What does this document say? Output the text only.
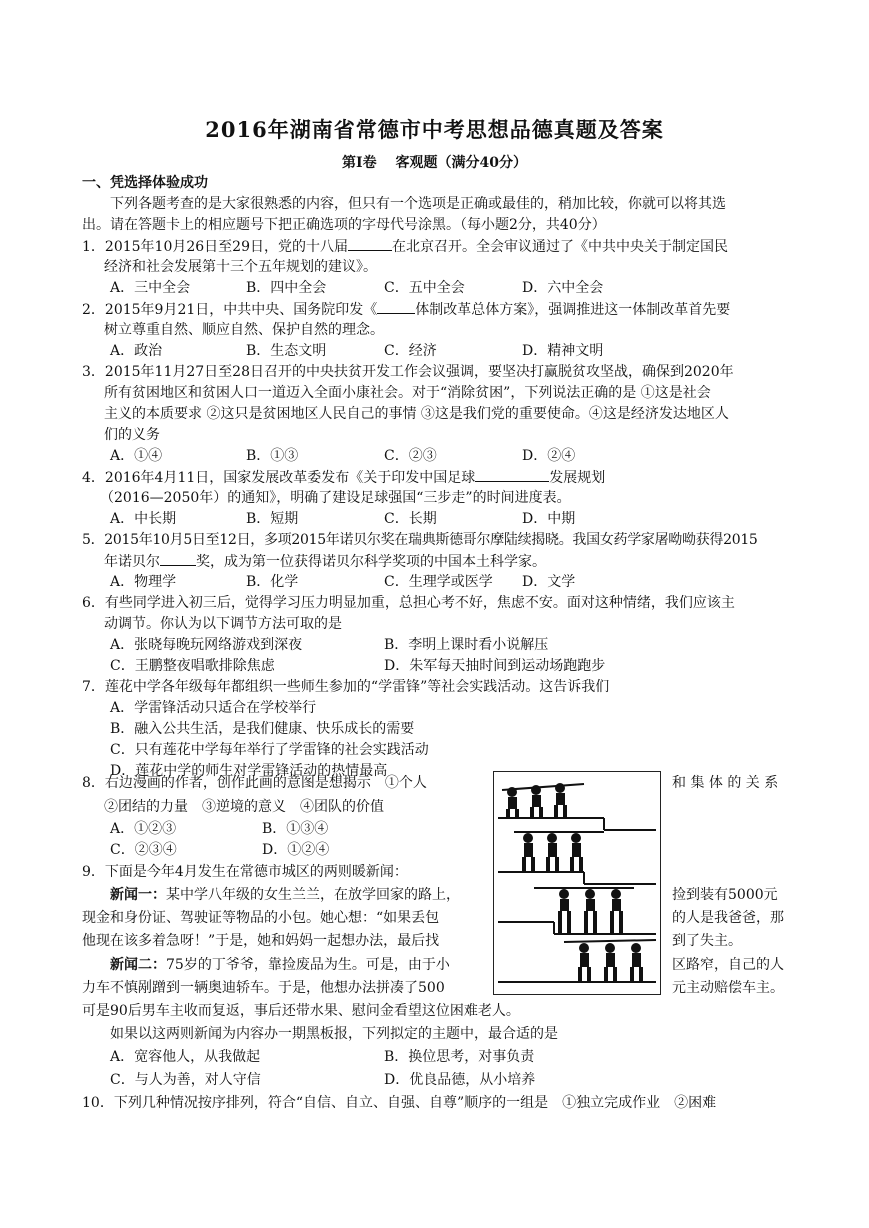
2016年湖南省常德市中考思想品德真题及答案
第Ⅰ卷　 客观题（满分40分）
一、凭选择体验成功
下列各题考查的是大家很熟悉的内容，但只有一个选项是正确或最佳的，稍加比较，你就可以将其选
出。请在答题卡上的相应题号下把正确选项的字母代号涂黑。（每小题2分，共40分）
1．2015年10月26日至29日，党的十八届	在北京召开。全会审议通过了《中共中央关于制定国民
经济和社会发展第十三个五年规划的建议》。
A．三中全会	B．四中全会	C．五中全会	D．六中全会
2．2015年9月21日，中共中央、国务院印发《	体制改革总体方案》，强调推进这一体制改革首先要
树立尊重自然、顺应自然、保护自然的理念。
A．政治	B．生态文明	C．经济	D．精神文明
3．2015年11月27日至28日召开的中央扶贫开发工作会议强调，要坚决打赢脱贫攻坚战，确保到2020年
所有贫困地区和贫困人口一道迈入全面小康社会。对于“消除贫困”，下列说法正确的是 ①这是社会
主义的本质要求 ②这只是贫困地区人民自己的事情 ③这是我们党的重要使命。④这是经济发达地区人
们的义务
A．①④	B．①③	C．②③	D．②④
4．2016年4月11日，国家发展改革委发布《关于印发中国足球	发展规划
（2016—2050年）的通知》，明确了建设足球强国“三步走”的时间进度表。
A．中长期	B．短期	C．长期	D．中期
5．2015年10月5日至12日，多项2015年诺贝尔奖在瑞典斯德哥尔摩陆续揭晓。我国女药学家屠呦呦获得2015
年诺贝尔	奖，成为第一位获得诺贝尔科学奖项的中国本土科学家。
A．物理学	B．化学	C．生理学或医学 D．文学
6．有些同学进入初三后，觉得学习压力明显加重，总担心考不好，焦虑不安。面对这种情绪，我们应该主
动调节。你认为以下调节方法可取的是
A．张晓每晚玩网络游戏到深夜	B．李明上课时看小说解压
C．王鹏整夜唱歌排除焦虑	D．朱军每天抽时间到运动场跑跑步
7．莲花中学各年级每年都组织一些师生参加的“学雷锋”等社会实践活动。这告诉我们
A．学雷锋活动只适合在学校举行
B．融入公共生活，是我们健康、快乐成长的需要
C．只有莲花中学每年举行了学雷锋的社会实践活动
D．莲花中学的师生对学雷锋活动的热情最高
8．右边漫画的作者，创作此画的意图是想揭示　①个人	和 集 体 的 关 系
②团结的力量　③逆境的意义　④团队的价值
A．①②③	B．①③④
C．②③④	D．①②④
9．下面是今年4月发生在常德市城区的两则暖新闻：
新闻一：某中学八年级的女生兰兰，在放学回家的路上，	捡到装有5000元
现金和身份证、驾驶证等物品的小包。她心想：“如果丢包	的人是我爸爸，那
他现在该多着急呀！”于是，她和妈妈一起想办法，最后找	到了失主。
新闻二：75岁的丁爷爷，靠捡废品为生。可是，由于小	区路窄，自己的人
力车不慎剐蹭到一辆奥迪轿车。于是，他想办法拼凑了500	元主动赔偿车主。
可是90后男车主收而复返，事后还带水果、慰问金看望这位困难老人。
如果以这两则新闻为内容办一期黑板报，下列拟定的主题中，最合适的是
A．宽容他人，从我做起	B．换位思考，对事负责
C．与人为善，对人守信	D．优良品德，从小培养
10．下列几种情况按序排列，符合“自信、自立、自强、自尊”顺序的一组是　①独立完成作业　②困难
